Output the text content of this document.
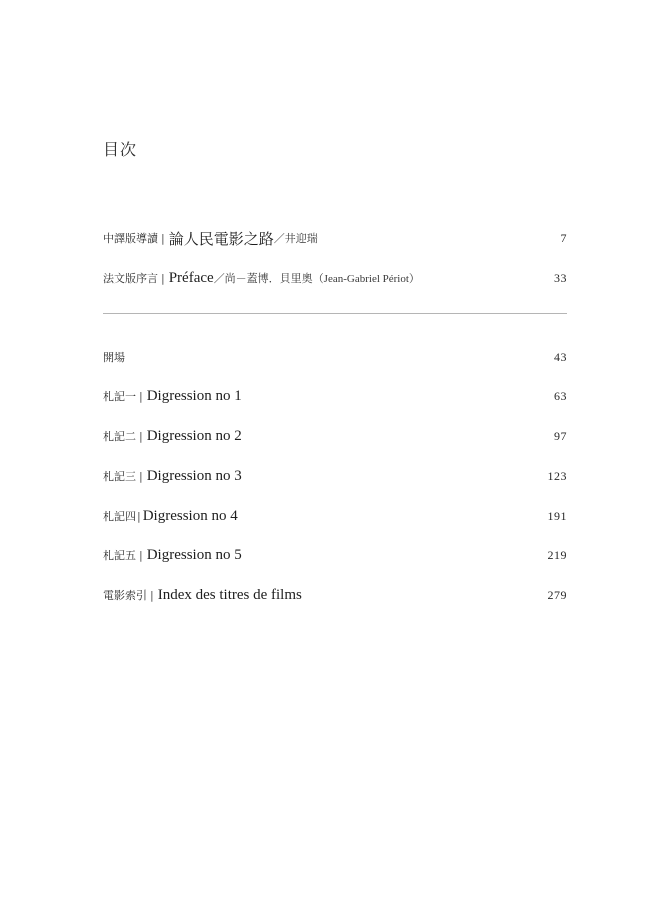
目次
中譯版導讀 | 論人民電影之路 ／井迎瑞	7
法文版序言 | Préface ／尚－蓋博．貝里奧 （Jean-Gabriel Périot）	33
開場	43
札記一 | Digression no 1	63
札記二 | Digression no 2	97
札記三 | Digression no 3	123
札記四 | Digression no 4	191
札記五 | Digression no 5	219
電影索引 | Index des titres de films	279
